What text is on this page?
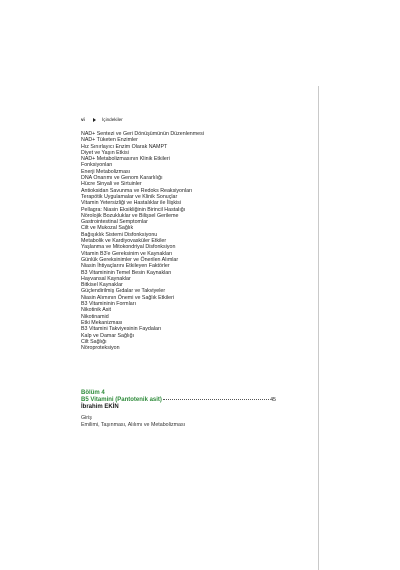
vi	İçindekiler
NAD+ Sentezi ve Geri Dönüşümünün Düzenlenmesi
NAD+ Tüketen Enzimler
Hız Sınırlayıcı Enzim Olarak NAMPT
Diyet ve Yaşın Etkisi
NAD+ Metabolizmasının Klinik Etkileri
Fonksiyonları
Enerji Metabolizması
DNA Onarımı ve Genom Kararlılığı
Hücre Sinyali ve Sirtuinler
Antioksidan Savunma ve Redoks Reaksiyonları
Terapötik Uygulamalar ve Klinik Sonuçlar
Vitamin Yetersizliği ve Hastalıklar ile İlişkisi
Pellagra: Niasin Eksikliğinin Birincil Hastalığı
Nörolojik Bozukluklar ve Bilişsel Gerileme
Gastrointestinal Semptomlar
Cilt ve Mukozal Sağlık
Bağışıklık Sistemi Disfonksiyonu
Metabolik ve Kardiyovasküler Etkiler
Yaşlanma ve Mitokondriyal Disfonksiyon
Vitamin B3'e Gereksinim ve Kaynakları
Günlük Gereksinimler ve Önerilen Alımlar
Niasin İhtiyaçlarını Etkileyen Faktörler
B3 Vitamininin Temel Besin Kaynakları
Hayvansal Kaynaklar
Bitkisel Kaynaklar
Güçlendirilmiş Gıdalar ve Takviyeler
Niasin Alımının Önemi ve Sağlık Etkileri
B3 Vitamininin Formları
Nikotinik Asit
Nikotinamid
Etki Mekanizması
B3 Vitamini Takviyesinin Faydaları
Kalp ve Damar Sağlığı
Cilt Sağlığı
Nöroproteksiyon
Bölüm 4
B5 Vitamini (Pantotenik asit)	45
İbrahim EKİN
Giriş
Emilimi, Taşınması, Alılımı ve Metabolizması
